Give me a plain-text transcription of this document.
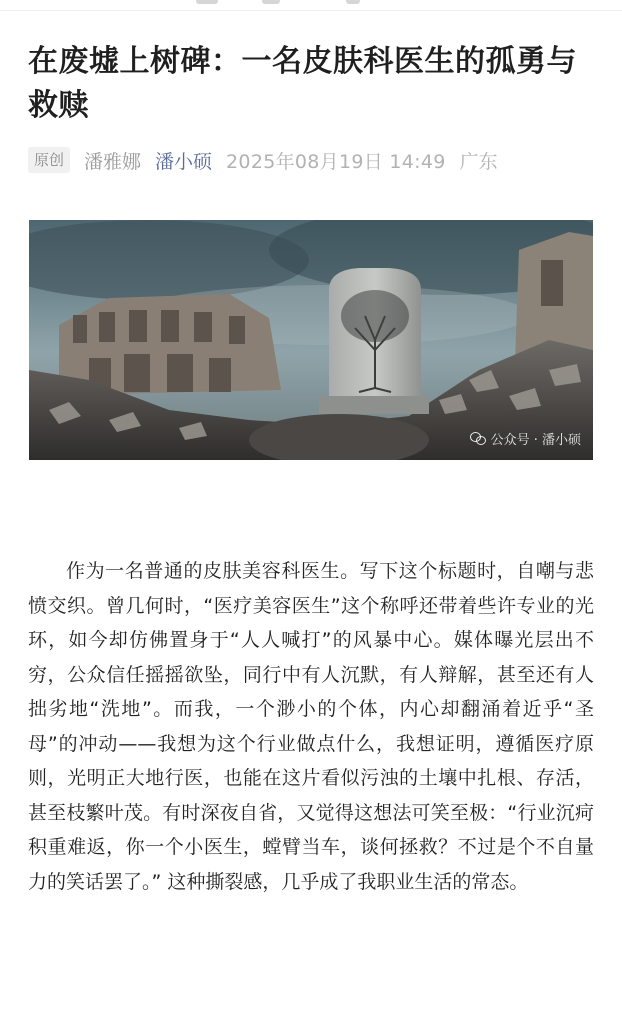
在废墟上树碑：一名皮肤科医生的孤勇与救赎
原创	潘雅娜 潘小硕 2025年08月19日 14:49 广东
公众号 · 潘小硕

作为一名普通的皮肤美容科医生。写下这个标题时，自嘲与悲愤交织。曾几何时，“医疗美容医生”这个称呼还带着些许专业的光环，如今却仿佛置身于“人人喊打”的风暴中心。媒体曝光层出不穷，公众信任摇摇欲坠，同行中有人沉默，有人辩解，甚至还有人拙劣地“洗地”。而我，一个渺小的个体，内心却翻涌着近乎“圣母”的冲动——我想为这个行业做点什么，我想证明，遵循医疗原则，光明正大地行医，也能在这片看似污浊的土壤中扎根、存活，甚至枝繁叶茂。有时深夜自省，又觉得这想法可笑至极：“行业沉疴积重难返，你一个小医生，螳臂当车，谈何拯救？不过是个不自量力的笑话罢了。” 这种撕裂感，几乎成了我职业生活的常态。
